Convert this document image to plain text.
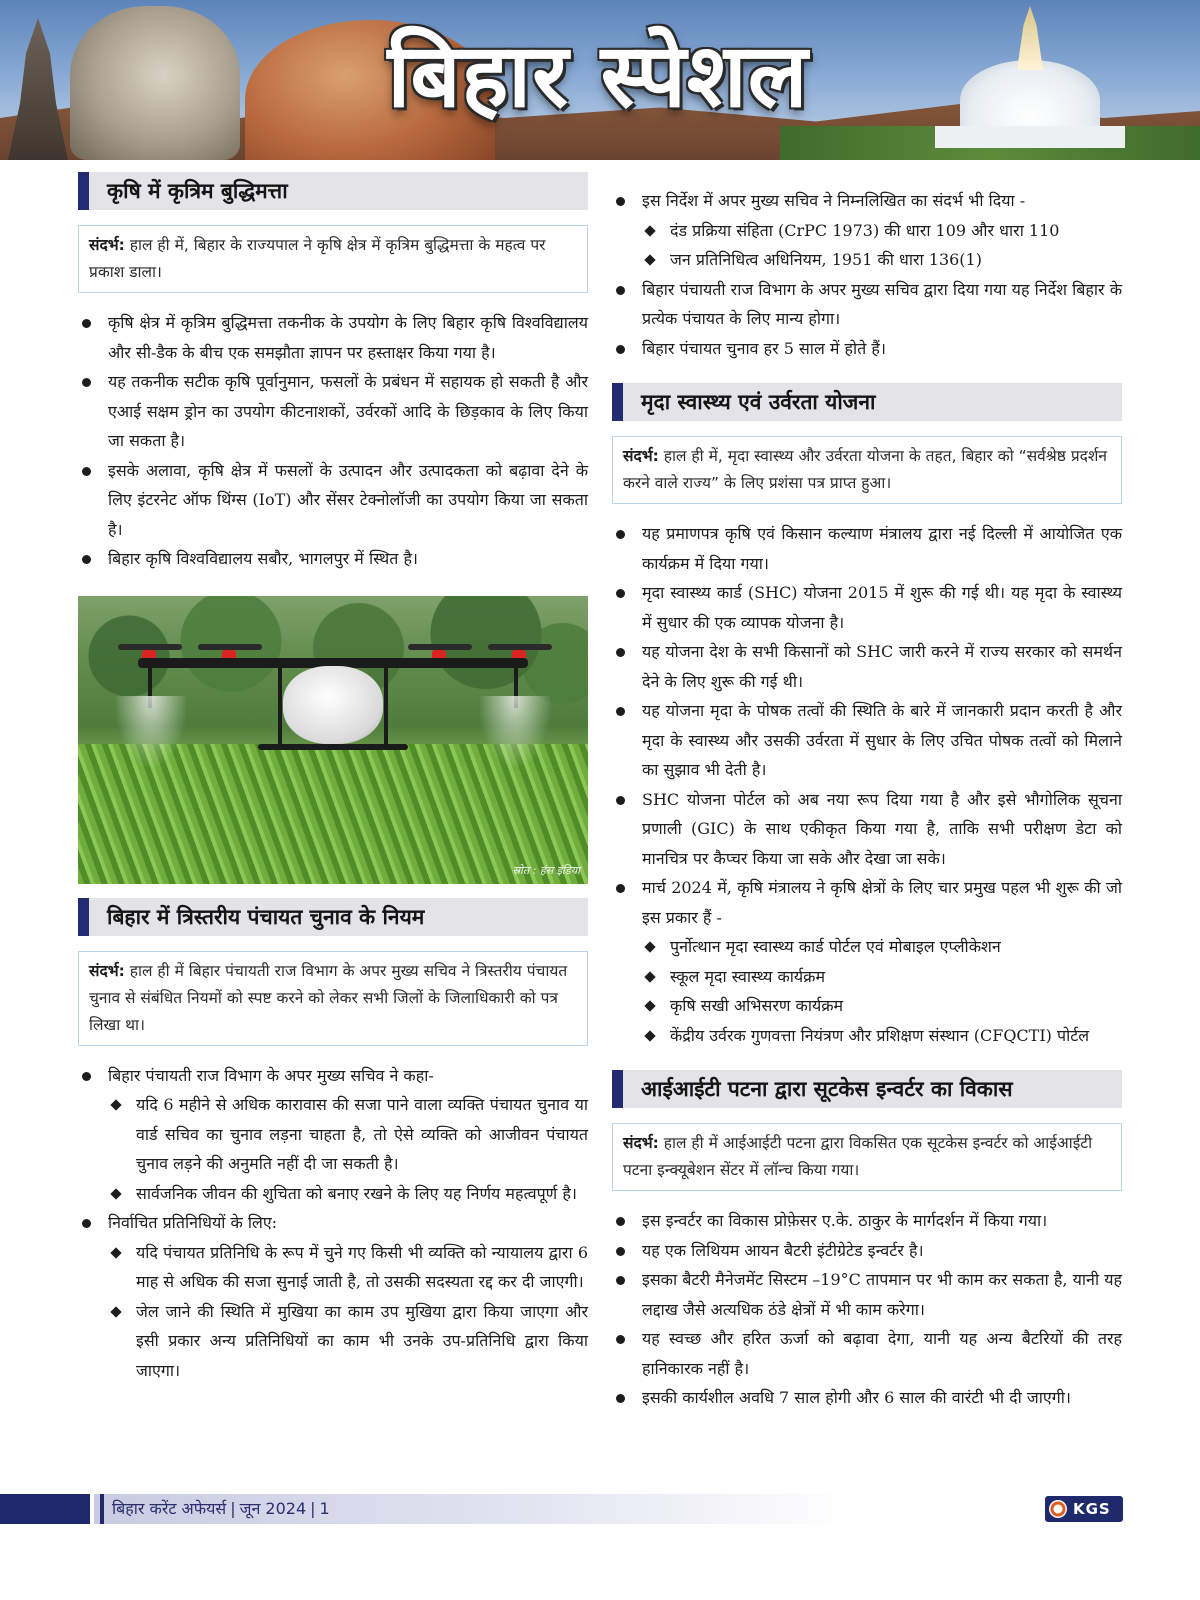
बिहार स्पेशल
कृषि में कृत्रिम बुद्धिमत्ता
संदर्भ: हाल ही में, बिहार के राज्यपाल ने कृषि क्षेत्र में कृत्रिम बुद्धिमत्ता के महत्व पर प्रकाश डाला।
कृषि क्षेत्र में कृत्रिम बुद्धिमत्ता तकनीक के उपयोग के लिए बिहार कृषि विश्वविद्यालय और सी-डैक के बीच एक समझौता ज्ञापन पर हस्ताक्षर किया गया है।
यह तकनीक सटीक कृषि पूर्वानुमान, फसलों के प्रबंधन में सहायक हो सकती है और एआई सक्षम ड्रोन का उपयोग कीटनाशकों, उर्वरकों आदि के छिड़काव के लिए किया जा सकता है।
इसके अलावा, कृषि क्षेत्र में फसलों के उत्पादन और उत्पादकता को बढ़ावा देने के लिए इंटरनेट ऑफ थिंग्स (IoT) और सेंसर टेक्नोलॉजी का उपयोग किया जा सकता है।
बिहार कृषि विश्वविद्यालय सबौर, भागलपुर में स्थित है।
स्रोत : हंस इंडिया
बिहार में त्रिस्तरीय पंचायत चुनाव के नियम
संदर्भ: हाल ही में बिहार पंचायती राज विभाग के अपर मुख्य सचिव ने त्रिस्तरीय पंचायत चुनाव से संबंधित नियमों को स्पष्ट करने को लेकर सभी जिलों के जिलाधिकारी को पत्र लिखा था।
बिहार पंचायती राज विभाग के अपर मुख्य सचिव ने कहा-
यदि 6 महीने से अधिक कारावास की सजा पाने वाला व्यक्ति पंचायत चुनाव या वार्ड सचिव का चुनाव लड़ना चाहता है, तो ऐसे व्यक्ति को आजीवन पंचायत चुनाव लड़ने की अनुमति नहीं दी जा सकती है।
सार्वजनिक जीवन की शुचिता को बनाए रखने के लिए यह निर्णय महत्वपूर्ण है।
निर्वाचित प्रतिनिधियों के लिए:
यदि पंचायत प्रतिनिधि के रूप में चुने गए किसी भी व्यक्ति को न्यायालय द्वारा 6 माह से अधिक की सजा सुनाई जाती है, तो उसकी सदस्यता रद्द कर दी जाएगी।
जेल जाने की स्थिति में मुखिया का काम उप मुखिया द्वारा किया जाएगा और इसी प्रकार अन्य प्रतिनिधियों का काम भी उनके उप-प्रतिनिधि द्वारा किया जाएगा।
इस निर्देश में अपर मुख्य सचिव ने निम्नलिखित का संदर्भ भी दिया -
दंड प्रक्रिया संहिता (CrPC 1973) की धारा 109 और धारा 110
जन प्रतिनिधित्व अधिनियम, 1951 की धारा 136(1)
बिहार पंचायती राज विभाग के अपर मुख्य सचिव द्वारा दिया गया यह निर्देश बिहार के प्रत्येक पंचायत के लिए मान्य होगा।
बिहार पंचायत चुनाव हर 5 साल में होते हैं।
मृदा स्वास्थ्य एवं उर्वरता योजना
संदर्भ: हाल ही में, मृदा स्वास्थ्य और उर्वरता योजना के तहत, बिहार को “सर्वश्रेष्ठ प्रदर्शन करने वाले राज्य” के लिए प्रशंसा पत्र प्राप्त हुआ।
यह प्रमाणपत्र कृषि एवं किसान कल्याण मंत्रालय द्वारा नई दिल्ली में आयोजित एक कार्यक्रम में दिया गया।
मृदा स्वास्थ्य कार्ड (SHC) योजना 2015 में शुरू की गई थी। यह मृदा के स्वास्थ्य में सुधार की एक व्यापक योजना है।
यह योजना देश के सभी किसानों को SHC जारी करने में राज्य सरकार को समर्थन देने के लिए शुरू की गई थी।
यह योजना मृदा के पोषक तत्वों की स्थिति के बारे में जानकारी प्रदान करती है और मृदा के स्वास्थ्य और उसकी उर्वरता में सुधार के लिए उचित पोषक तत्वों को मिलाने का सुझाव भी देती है।
SHC योजना पोर्टल को अब नया रूप दिया गया है और इसे भौगोलिक सूचना प्रणाली (GIC) के साथ एकीकृत किया गया है, ताकि सभी परीक्षण डेटा को मानचित्र पर कैप्चर किया जा सके और देखा जा सके।
मार्च 2024 में, कृषि मंत्रालय ने कृषि क्षेत्रों के लिए चार प्रमुख पहल भी शुरू की जो इस प्रकार हैं -
पुर्नोत्थान मृदा स्वास्थ्य कार्ड पोर्टल एवं मोबाइल एप्लीकेशन
स्कूल मृदा स्वास्थ्य कार्यक्रम
कृषि सखी अभिसरण कार्यक्रम
केंद्रीय उर्वरक गुणवत्ता नियंत्रण और प्रशिक्षण संस्थान (CFQCTI) पोर्टल
आईआईटी पटना द्वारा सूटकेस इन्वर्टर का विकास
संदर्भ: हाल ही में आईआईटी पटना द्वारा विकसित एक सूटकेस इन्वर्टर को आईआईटी पटना इन्क्यूबेशन सेंटर में लॉन्च किया गया।
इस इन्वर्टर का विकास प्रोफ़ेसर ए.के. ठाकुर के मार्गदर्शन में किया गया।
यह एक लिथियम आयन बैटरी इंटीग्रेटेड इन्वर्टर है।
इसका बैटरी मैनेजमेंट सिस्टम –19°C तापमान पर भी काम कर सकता है, यानी यह लद्दाख जैसे अत्यधिक ठंडे क्षेत्रों में भी काम करेगा।
यह स्वच्छ और हरित ऊर्जा को बढ़ावा देगा, यानी यह अन्य बैटरियों की तरह हानिकारक नहीं है।
इसकी कार्यशील अवधि 7 साल होगी और 6 साल की वारंटी भी दी जाएगी।
बिहार करेंट अफेयर्स | जून 2024 | 1	KGS
